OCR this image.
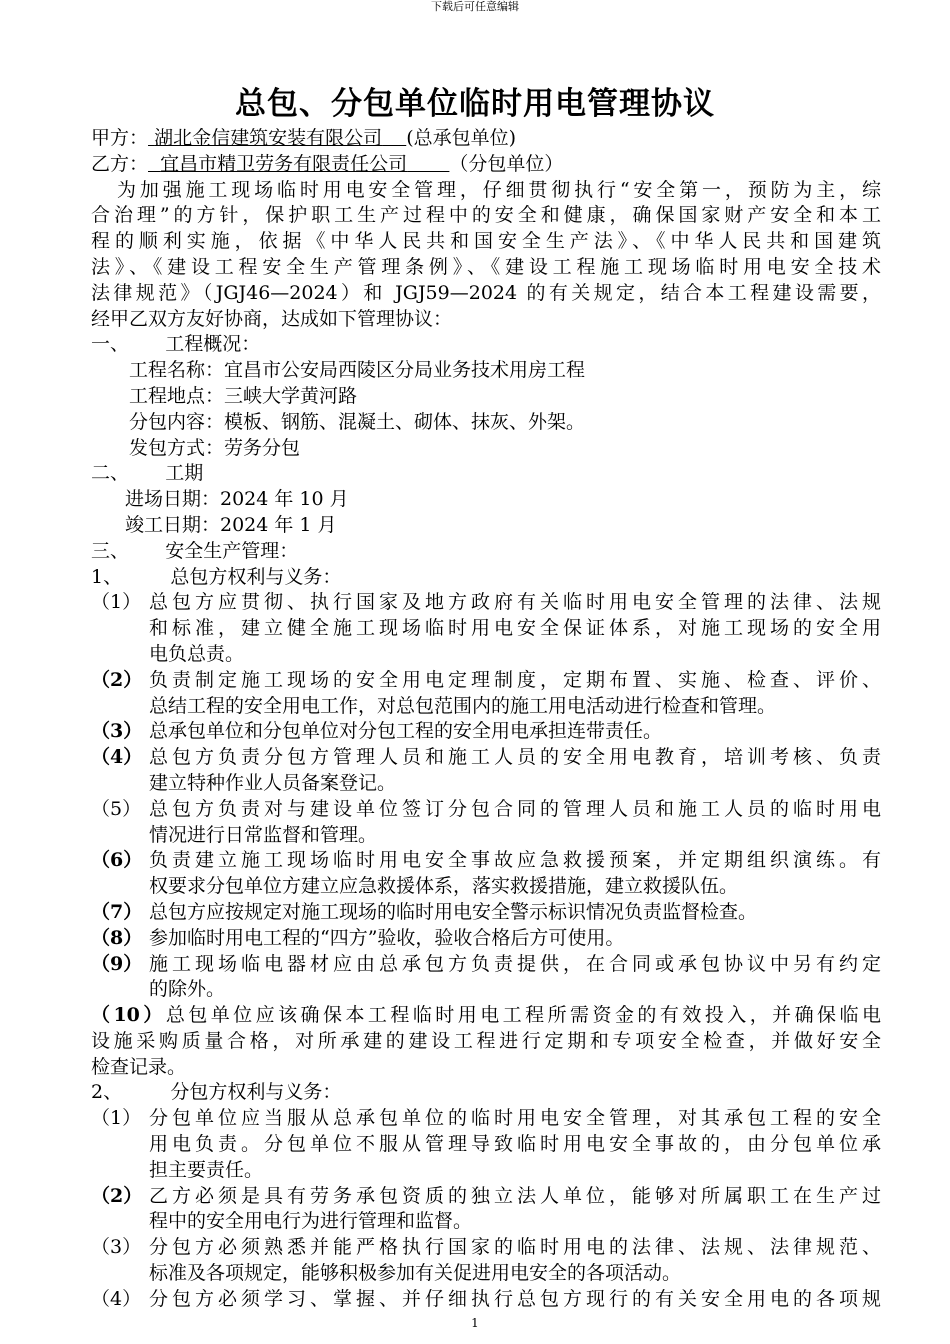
下载后可任意编辑
总包、分包单位临时用电管理协议
甲方： 湖北金信建筑安装有限公司 (总承包单位)
乙方： 宜昌市精卫劳务有限责任公司 （分包单位）
为加强施工现场临时用电安全管理，仔细贯彻执行“安全第一，预防为主，综
合治理”的方针，保护职工生产过程中的安全和健康，确保国家财产安全和本工
程的顺利实施，依据《中华人民共和国安全生产法》、《中华人民共和国建筑
法》、《建设工程安全生产管理条例》、《建设工程施工现场临时用电安全技术
法律规范》（JGJ46—2024）和 JGJ59—2024 的有关规定，结合本工程建设需要，
经甲乙双方友好协商，达成如下管理协议：
一、 工程概况：
工程名称：宜昌市公安局西陵区分局业务技术用房工程
工程地点：三峡大学黄河路
分包内容：模板、钢筋、混凝土、砌体、抹灰、外架。
发包方式：劳务分包
二、 工期
进场日期：2024 年 10 月
竣工日期：2024 年 1 月
三、 安全生产管理：
1、	总包方权利与义务：
（1） 总包方应贯彻、执行国家及地方政府有关临时用电安全管理的法律、法规
和标准，建立健全施工现场临时用电安全保证体系，对施工现场的安全用
电负总责。
（2） 负责制定施工现场的安全用电定理制度，定期布置、实施、检查、评价、
总结工程的安全用电工作，对总包范围内的施工用电活动进行检查和管理。
（3） 总承包单位和分包单位对分包工程的安全用电承担连带责任。
（4） 总包方负责分包方管理人员和施工人员的安全用电教育，培训考核、负责
建立特种作业人员备案登记。
（5） 总包方负责对与建设单位签订分包合同的管理人员和施工人员的临时用电
情况进行日常监督和管理。
（6） 负责建立施工现场临时用电安全事故应急救援预案，并定期组织演练。有
权要求分包单位方建立应急救援体系，落实救援措施，建立救援队伍。
（7） 总包方应按规定对施工现场的临时用电安全警示标识情况负责监督检查。
（8） 参加临时用电工程的“四方”验收，验收合格后方可使用。
（9） 施工现场临电器材应由总承包方负责提供，在合同或承包协议中另有约定
的除外。
（10）总包单位应该确保本工程临时用电工程所需资金的有效投入，并确保临电
设施采购质量合格，对所承建的建设工程进行定期和专项安全检查，并做好安全
检查记录。
2、	分包方权利与义务：
（1） 分包单位应当服从总承包单位的临时用电安全管理，对其承包工程的安全
用电负责。分包单位不服从管理导致临时用电安全事故的，由分包单位承
担主要责任。
（2） 乙方必须是具有劳务承包资质的独立法人单位，能够对所属职工在生产过
程中的安全用电行为进行管理和监督。
（3） 分包方必须熟悉并能严格执行国家的临时用电的法律、法规、法律规范、
标准及各项规定，能够积极参加有关促进用电安全的各项活动。
（4） 分包方必须学习、掌握、并仔细执行总包方现行的有关安全用电的各项规
1
